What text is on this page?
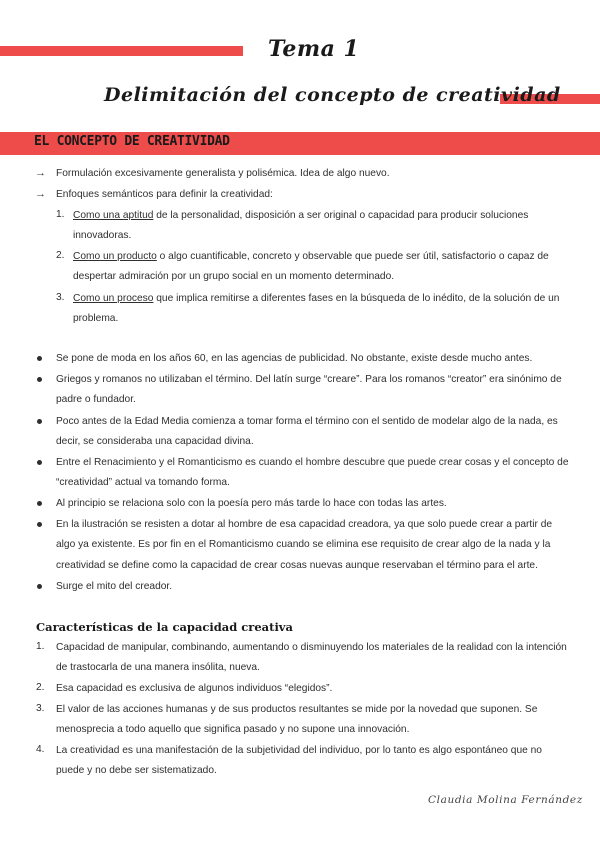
Tema 1
Delimitación del concepto de creatividad
EL CONCEPTO DE CREATIVIDAD
→ Formulación excesivamente generalista y polisémica. Idea de algo nuevo.
→ Enfoques semánticos para definir la creatividad:
1. Como una aptitud de la personalidad, disposición a ser original o capacidad para producir soluciones
innovadoras.
2. Como un producto o algo cuantificable, concreto y observable que puede ser útil, satisfactorio o capaz de
despertar admiración por un grupo social en un momento determinado.
3. Como un proceso que implica remitirse a diferentes fases en la búsqueda de lo inédito, de la solución de un
problema.
Se pone de moda en los años 60, en las agencias de publicidad. No obstante, existe desde mucho antes.
Griegos y romanos no utilizaban el término. Del latín surge “creare”. Para los romanos “creator” era sinónimo de
padre o fundador.
Poco antes de la Edad Media comienza a tomar forma el término con el sentido de modelar algo de la nada, es
decir, se consideraba una capacidad divina.
Entre el Renacimiento y el Romanticismo es cuando el hombre descubre que puede crear cosas y el concepto de
“creatividad” actual va tomando forma.
Al principio se relaciona solo con la poesía pero más tarde lo hace con todas las artes.
En la ilustración se resisten a dotar al hombre de esa capacidad creadora, ya que solo puede crear a partir de
algo ya existente. Es por fin en el Romanticismo cuando se elimina ese requisito de crear algo de la nada y la
creatividad se define como la capacidad de crear cosas nuevas aunque reservaban el término para el arte.
Surge el mito del creador.
Características de la capacidad creativa
1. Capacidad de manipular, combinando, aumentando o disminuyendo los materiales de la realidad con la intención
de trastocarla de una manera insólita, nueva.
2. Esa capacidad es exclusiva de algunos individuos “elegidos”.
3. El valor de las acciones humanas y de sus productos resultantes se mide por la novedad que suponen. Se
menosprecia a todo aquello que significa pasado y no supone una innovación.
4. La creatividad es una manifestación de la subjetividad del individuo, por lo tanto es algo espontáneo que no
puede y no debe ser sistematizado.
Claudia Molina Fernández
